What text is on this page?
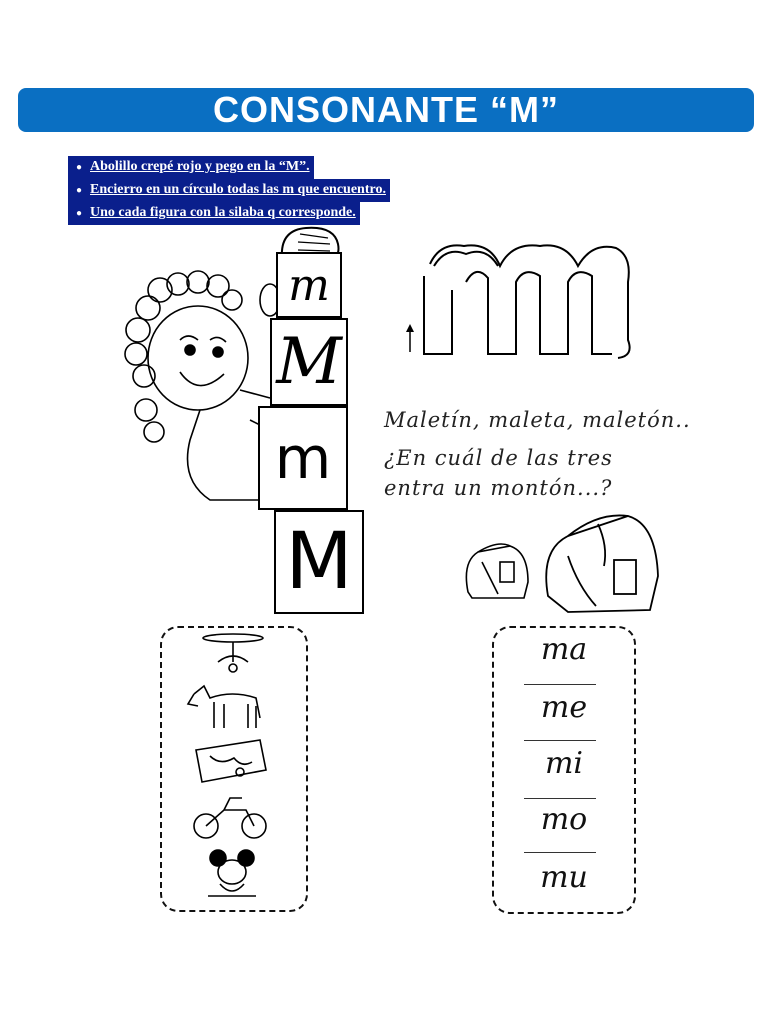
CONSONANTE “M”
● Abolillo crepé rojo y pego en la “M”.
● Encierro en un círculo todas las m que encuentro.
● Uno cada figura con la silaba q corresponde.
m
M
m
M
Maletín, maleta, maletón..
¿En cuál de las tres
entra un montón...?
ma
me
mi
mo
mu
